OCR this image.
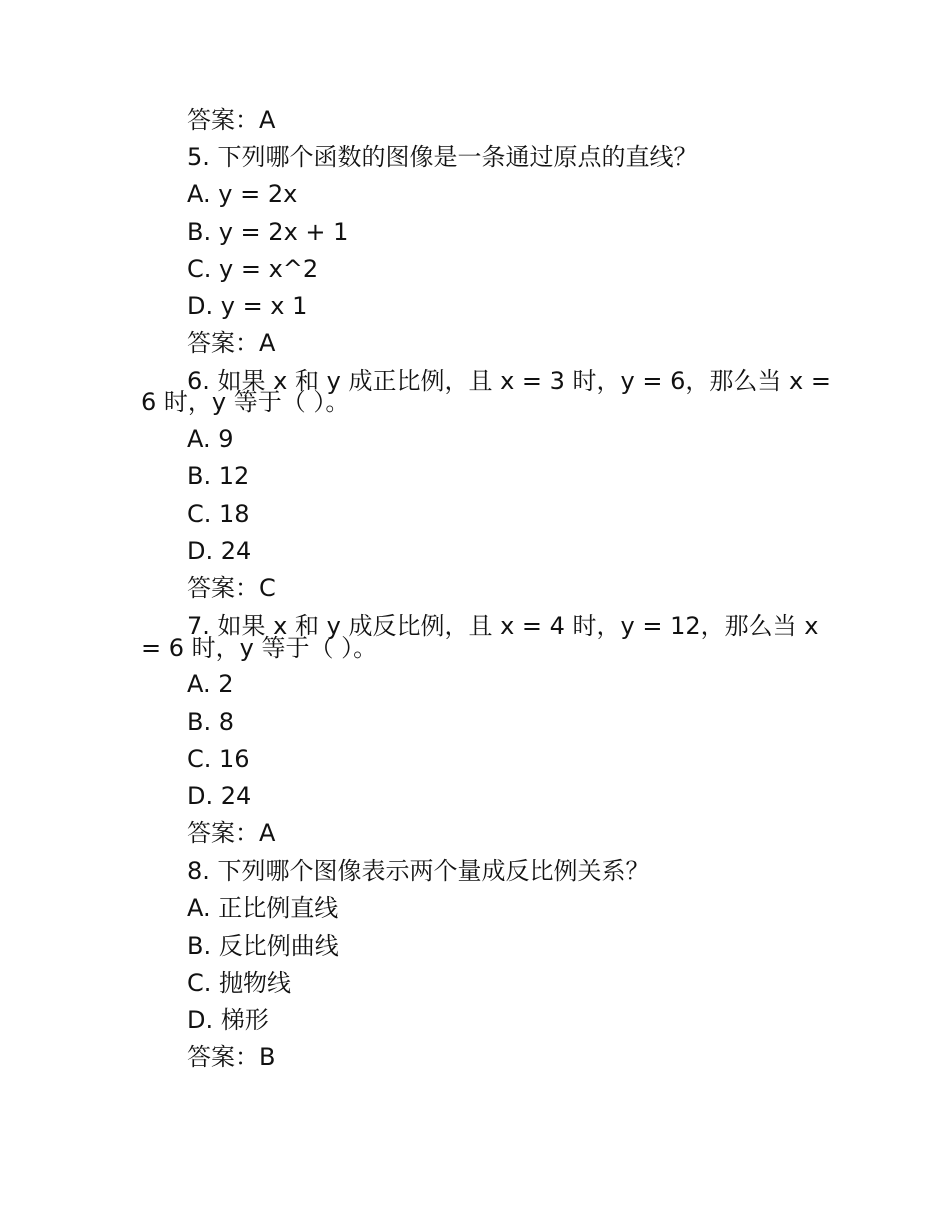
答案：A
5. 下列哪个函数的图像是一条通过原点的直线？
A. y = 2x
B. y = 2x + 1
C. y = x^2
D. y = x 1
答案：A
6. 如果 x 和 y 成正比例，且 x = 3 时，y = 6，那么当 x =
6 时，y 等于（ ）。
A. 9
B. 12
C. 18
D. 24
答案：C
7. 如果 x 和 y 成反比例，且 x = 4 时，y = 12，那么当 x
= 6 时，y 等于（ ）。
A. 2
B. 8
C. 16
D. 24
答案：A
8. 下列哪个图像表示两个量成反比例关系？
A. 正比例直线
B. 反比例曲线
C. 抛物线
D. 梯形
答案：B
